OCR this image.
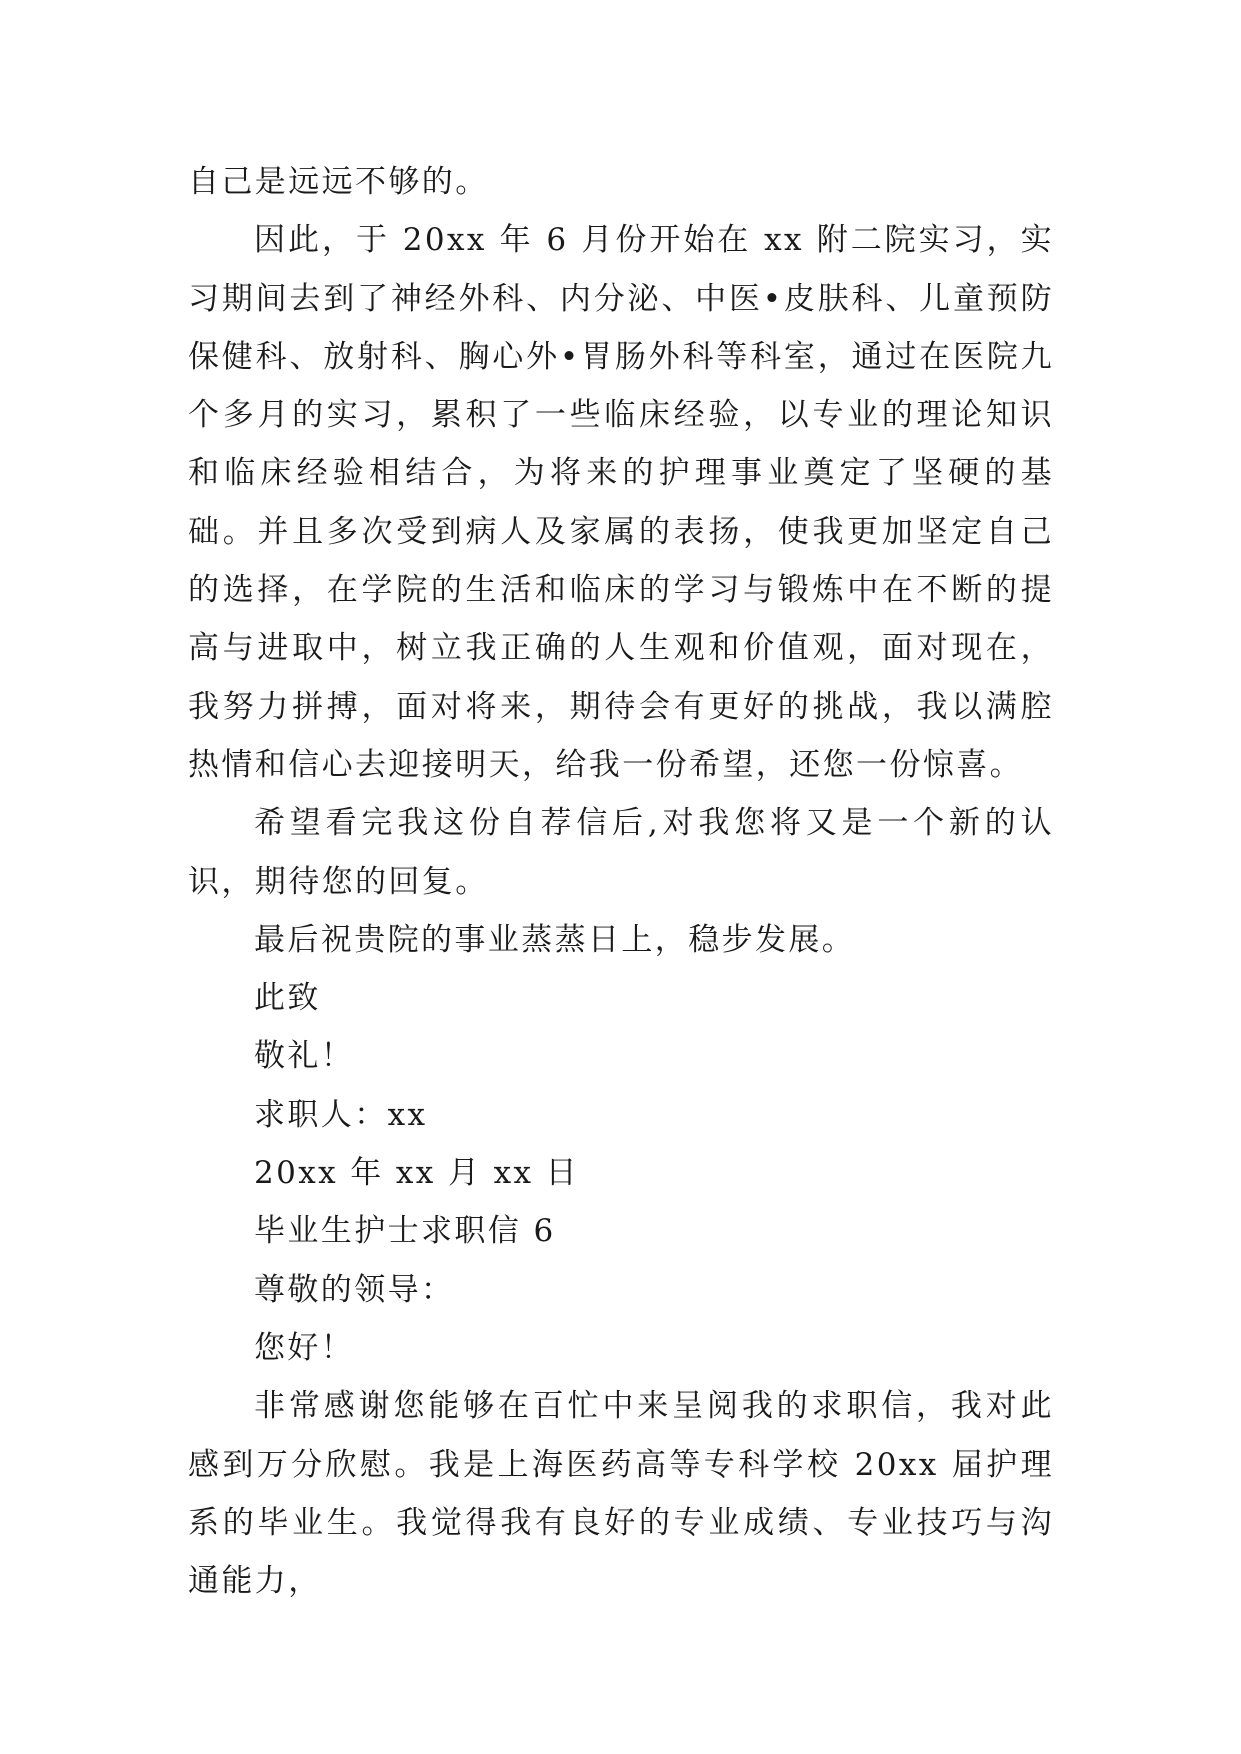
自己是远远不够的。

因此，于 20xx 年 6 月份开始在 xx 附二院实习，实习期间去到了神经外科、内分泌、中医•皮肤科、儿童预防保健科、放射科、胸心外•胃肠外科等科室，通过在医院九个多月的实习，累积了一些临床经验，以专业的理论知识和临床经验相结合，为将来的护理事业奠定了坚硬的基础。并且多次受到病人及家属的表扬，使我更加坚定自己的选择，在学院的生活和临床的学习与锻炼中在不断的提高与进取中，树立我正确的人生观和价值观，面对现在，我努力拼搏，面对将来，期待会有更好的挑战，我以满腔热情和信心去迎接明天，给我一份希望，还您一份惊喜。

希望看完我这份自荐信后,对我您将又是一个新的认识，期待您的回复。

最后祝贵院的事业蒸蒸日上，稳步发展。

此致

敬礼！

求职人：xx

20xx 年 xx 月 xx 日

毕业生护士求职信 6

尊敬的领导：

您好！

非常感谢您能够在百忙中来呈阅我的求职信，我对此感到万分欣慰。我是上海医药高等专科学校 20xx 届护理系的毕业生。我觉得我有良好的专业成绩、专业技巧与沟通能力，
